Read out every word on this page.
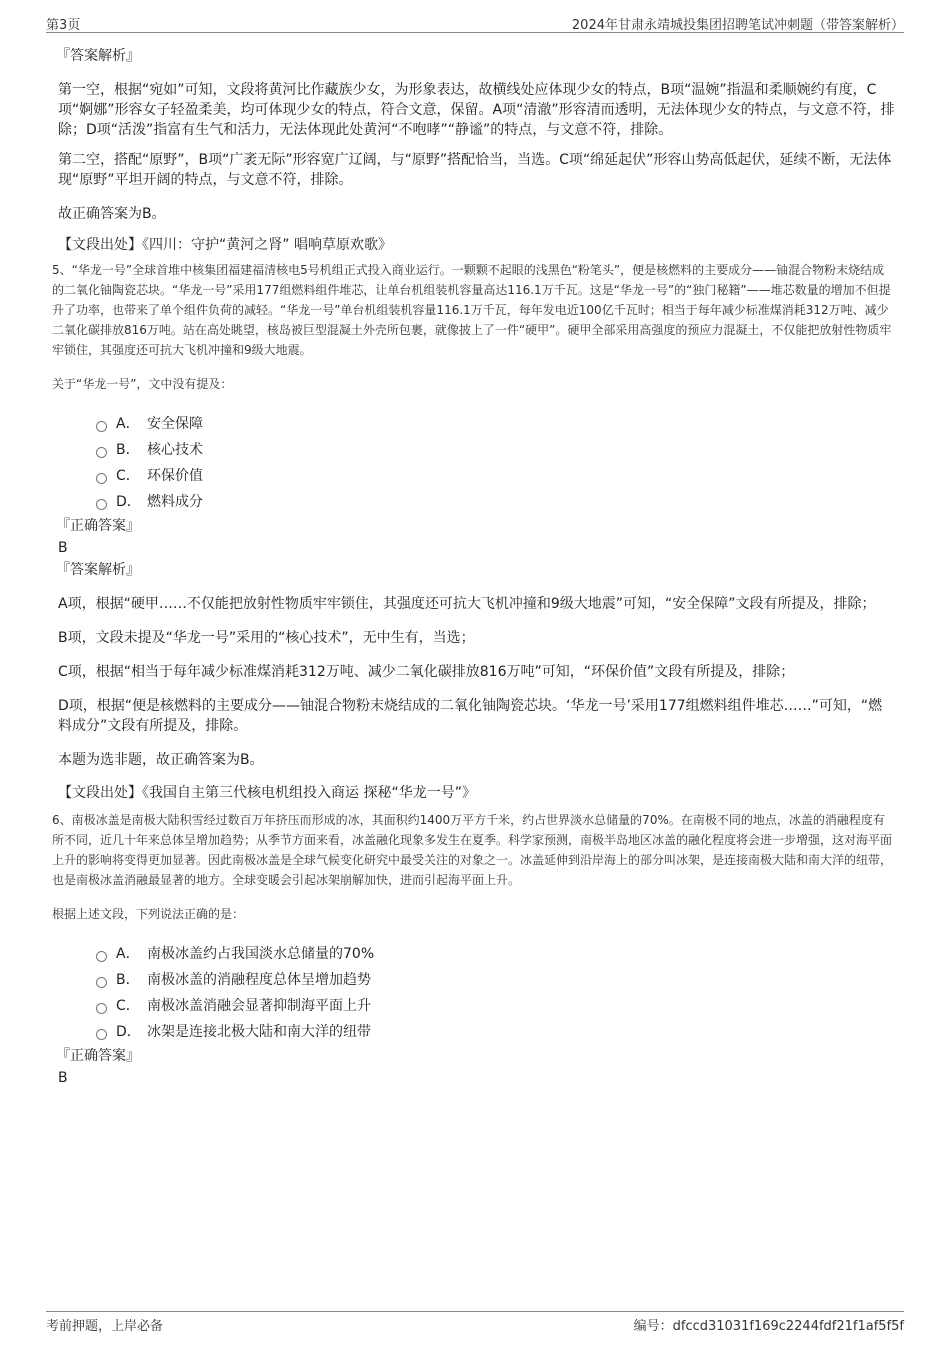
第3页	2024年甘肃永靖城投集团招聘笔试冲刺题（带答案解析）

『答案解析』

第一空，根据“宛如”可知，文段将黄河比作藏族少女，为形象表达，故横线处应体现少女的特点，B项“温婉”指温和柔顺婉约有度，C项“婀娜”形容女子轻盈柔美，均可体现少女的特点，符合文意，保留。A项“清澈”形容清而透明，无法体现少女的特点，与文意不符，排除；D项“活泼”指富有生气和活力，无法体现此处黄河“不咆哮”“静谧”的特点，与文意不符，排除。

第二空，搭配“原野”，B项“广袤无际”形容宽广辽阔，与“原野”搭配恰当，当选。C项“绵延起伏”形容山势高低起伏，延续不断，无法体现“原野”平坦开阔的特点，与文意不符，排除。

故正确答案为B。

【文段出处】《四川：守护“黄河之肾” 唱响草原欢歌》

5、“华龙一号”全球首堆中核集团福建福清核电5号机组正式投入商业运行。一颗颗不起眼的浅黑色“粉笔头”，便是核燃料的主要成分——铀混合物粉末烧结成的二氧化铀陶瓷芯块。“华龙一号”采用177组燃料组件堆芯，让单台机组装机容量高达116.1万千瓦。这是“华龙一号”的“独门秘籍”——堆芯数量的增加不但提升了功率，也带来了单个组件负荷的减轻。“华龙一号”单台机组装机容量116.1万千瓦，每年发电近100亿千瓦时；相当于每年减少标准煤消耗312万吨、减少二氧化碳排放816万吨。站在高处眺望，核岛被巨型混凝土外壳所包裹，就像披上了一件“硬甲”。硬甲全部采用高强度的预应力混凝土，不仅能把放射性物质牢牢锁住，其强度还可抗大飞机冲撞和9级大地震。

关于“华龙一号”，文中没有提及：

A． 安全保障
B． 核心技术
C． 环保价值
D． 燃料成分

『正确答案』

B

『答案解析』

A项，根据“硬甲……不仅能把放射性物质牢牢锁住，其强度还可抗大飞机冲撞和9级大地震”可知，“安全保障”文段有所提及，排除；

B项，文段未提及“华龙一号”采用的“核心技术”，无中生有，当选；

C项，根据“相当于每年减少标准煤消耗312万吨、减少二氧化碳排放816万吨”可知，“环保价值”文段有所提及，排除；

D项，根据“便是核燃料的主要成分——铀混合物粉末烧结成的二氧化铀陶瓷芯块。‘华龙一号’采用177组燃料组件堆芯……”可知，“燃料成分”文段有所提及，排除。

本题为选非题，故正确答案为B。

【文段出处】《我国自主第三代核电机组投入商运 探秘“华龙一号”》

6、南极冰盖是南极大陆积雪经过数百万年挤压而形成的冰，其面积约1400万平方千米，约占世界淡水总储量的70%。在南极不同的地点，冰盖的消融程度有所不同，近几十年来总体呈增加趋势；从季节方面来看，冰盖融化现象多发生在夏季。科学家预测，南极半岛地区冰盖的融化程度将会进一步增强，这对海平面上升的影响将变得更加显著。因此南极冰盖是全球气候变化研究中最受关注的对象之一。冰盖延伸到沿岸海上的部分叫冰架，是连接南极大陆和南大洋的纽带，也是南极冰盖消融最显著的地方。全球变暖会引起冰架崩解加快，进而引起海平面上升。

根据上述文段，下列说法正确的是：

A． 南极冰盖约占我国淡水总储量的70%
B． 南极冰盖的消融程度总体呈增加趋势
C． 南极冰盖消融会显著抑制海平面上升
D． 冰架是连接北极大陆和南大洋的纽带

『正确答案』

B

考前押题，上岸必备	编号：dfccd31031f169c2244fdf21f1af5f5f
